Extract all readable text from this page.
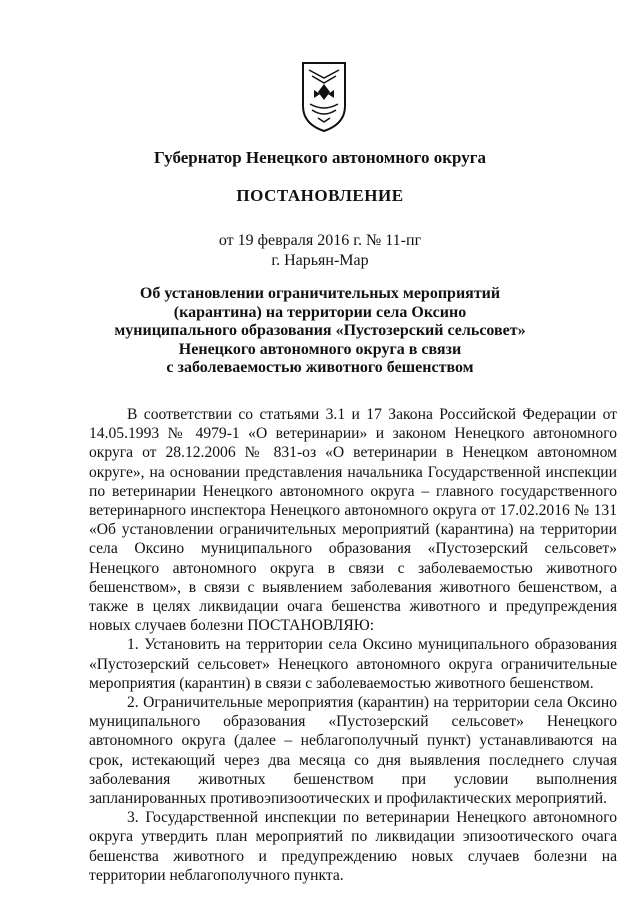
Губернатор Ненецкого автономного округа
ПОСТАНОВЛЕНИЕ
от 19 февраля 2016 г. № 11-пг
г. Нарьян-Мар
Об установлении ограничительных мероприятий
(карантина) на территории села Оксино
муниципального образования «Пустозерский сельсовет»
Ненецкого автономного округа в связи
с заболеваемостью животного бешенством

В соответствии со статьями 3.1 и 17 Закона Российской Федерации от 14.05.1993 № 4979-1 «О ветеринарии» и законом Ненецкого автономного округа от 28.12.2006 № 831-оз «О ветеринарии в Ненецком автономном округе», на основании представления начальника Государственной инспекции по ветеринарии Ненецкого автономного округа – главного государственного ветеринарного инспектора Ненецкого автономного округа от 17.02.2016 № 131 «Об установлении ограничительных мероприятий (карантина) на территории села Оксино муниципального образования «Пустозерский сельсовет» Ненецкого автономного округа в связи с заболеваемостью животного бешенством», в связи с выявлением заболевания животного бешенством, а также в целях ликвидации очага бешенства животного и предупреждения новых случаев болезни ПОСТАНОВЛЯЮ:

1. Установить на территории села Оксино муниципального образования «Пустозерский сельсовет» Ненецкого автономного округа ограничительные мероприятия (карантин) в связи с заболеваемостью животного бешенством.

2. Ограничительные мероприятия (карантин) на территории села Оксино муниципального образования «Пустозерский сельсовет» Ненецкого автономного округа (далее – неблагополучный пункт) устанавливаются на срок, истекающий через два месяца со дня выявления последнего случая заболевания животных бешенством при условии выполнения запланированных противоэпизоотических и профилактических мероприятий.

3. Государственной инспекции по ветеринарии Ненецкого автономного округа утвердить план мероприятий по ликвидации эпизоотического очага бешенства животного и предупреждению новых случаев болезни на территории неблагополучного пункта.
